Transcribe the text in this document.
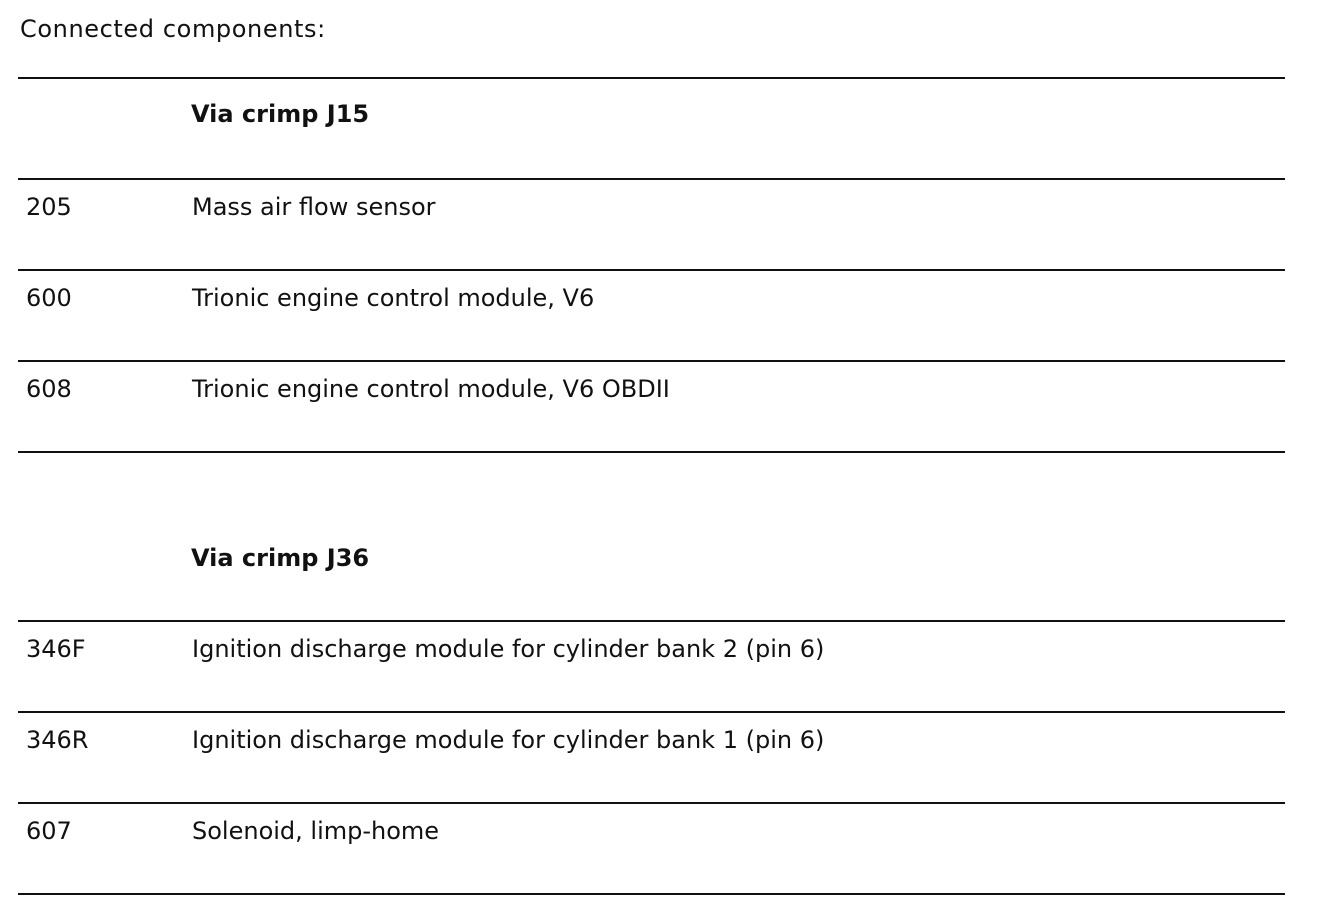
Connected components:
Via crimp J15
205	Mass air flow sensor
600	Trionic engine control module, V6
608	Trionic engine control module, V6 OBDII
Via crimp J36
346F	Ignition discharge module for cylinder bank 2 (pin 6)
346R	Ignition discharge module for cylinder bank 1 (pin 6)
607	Solenoid, limp-home
